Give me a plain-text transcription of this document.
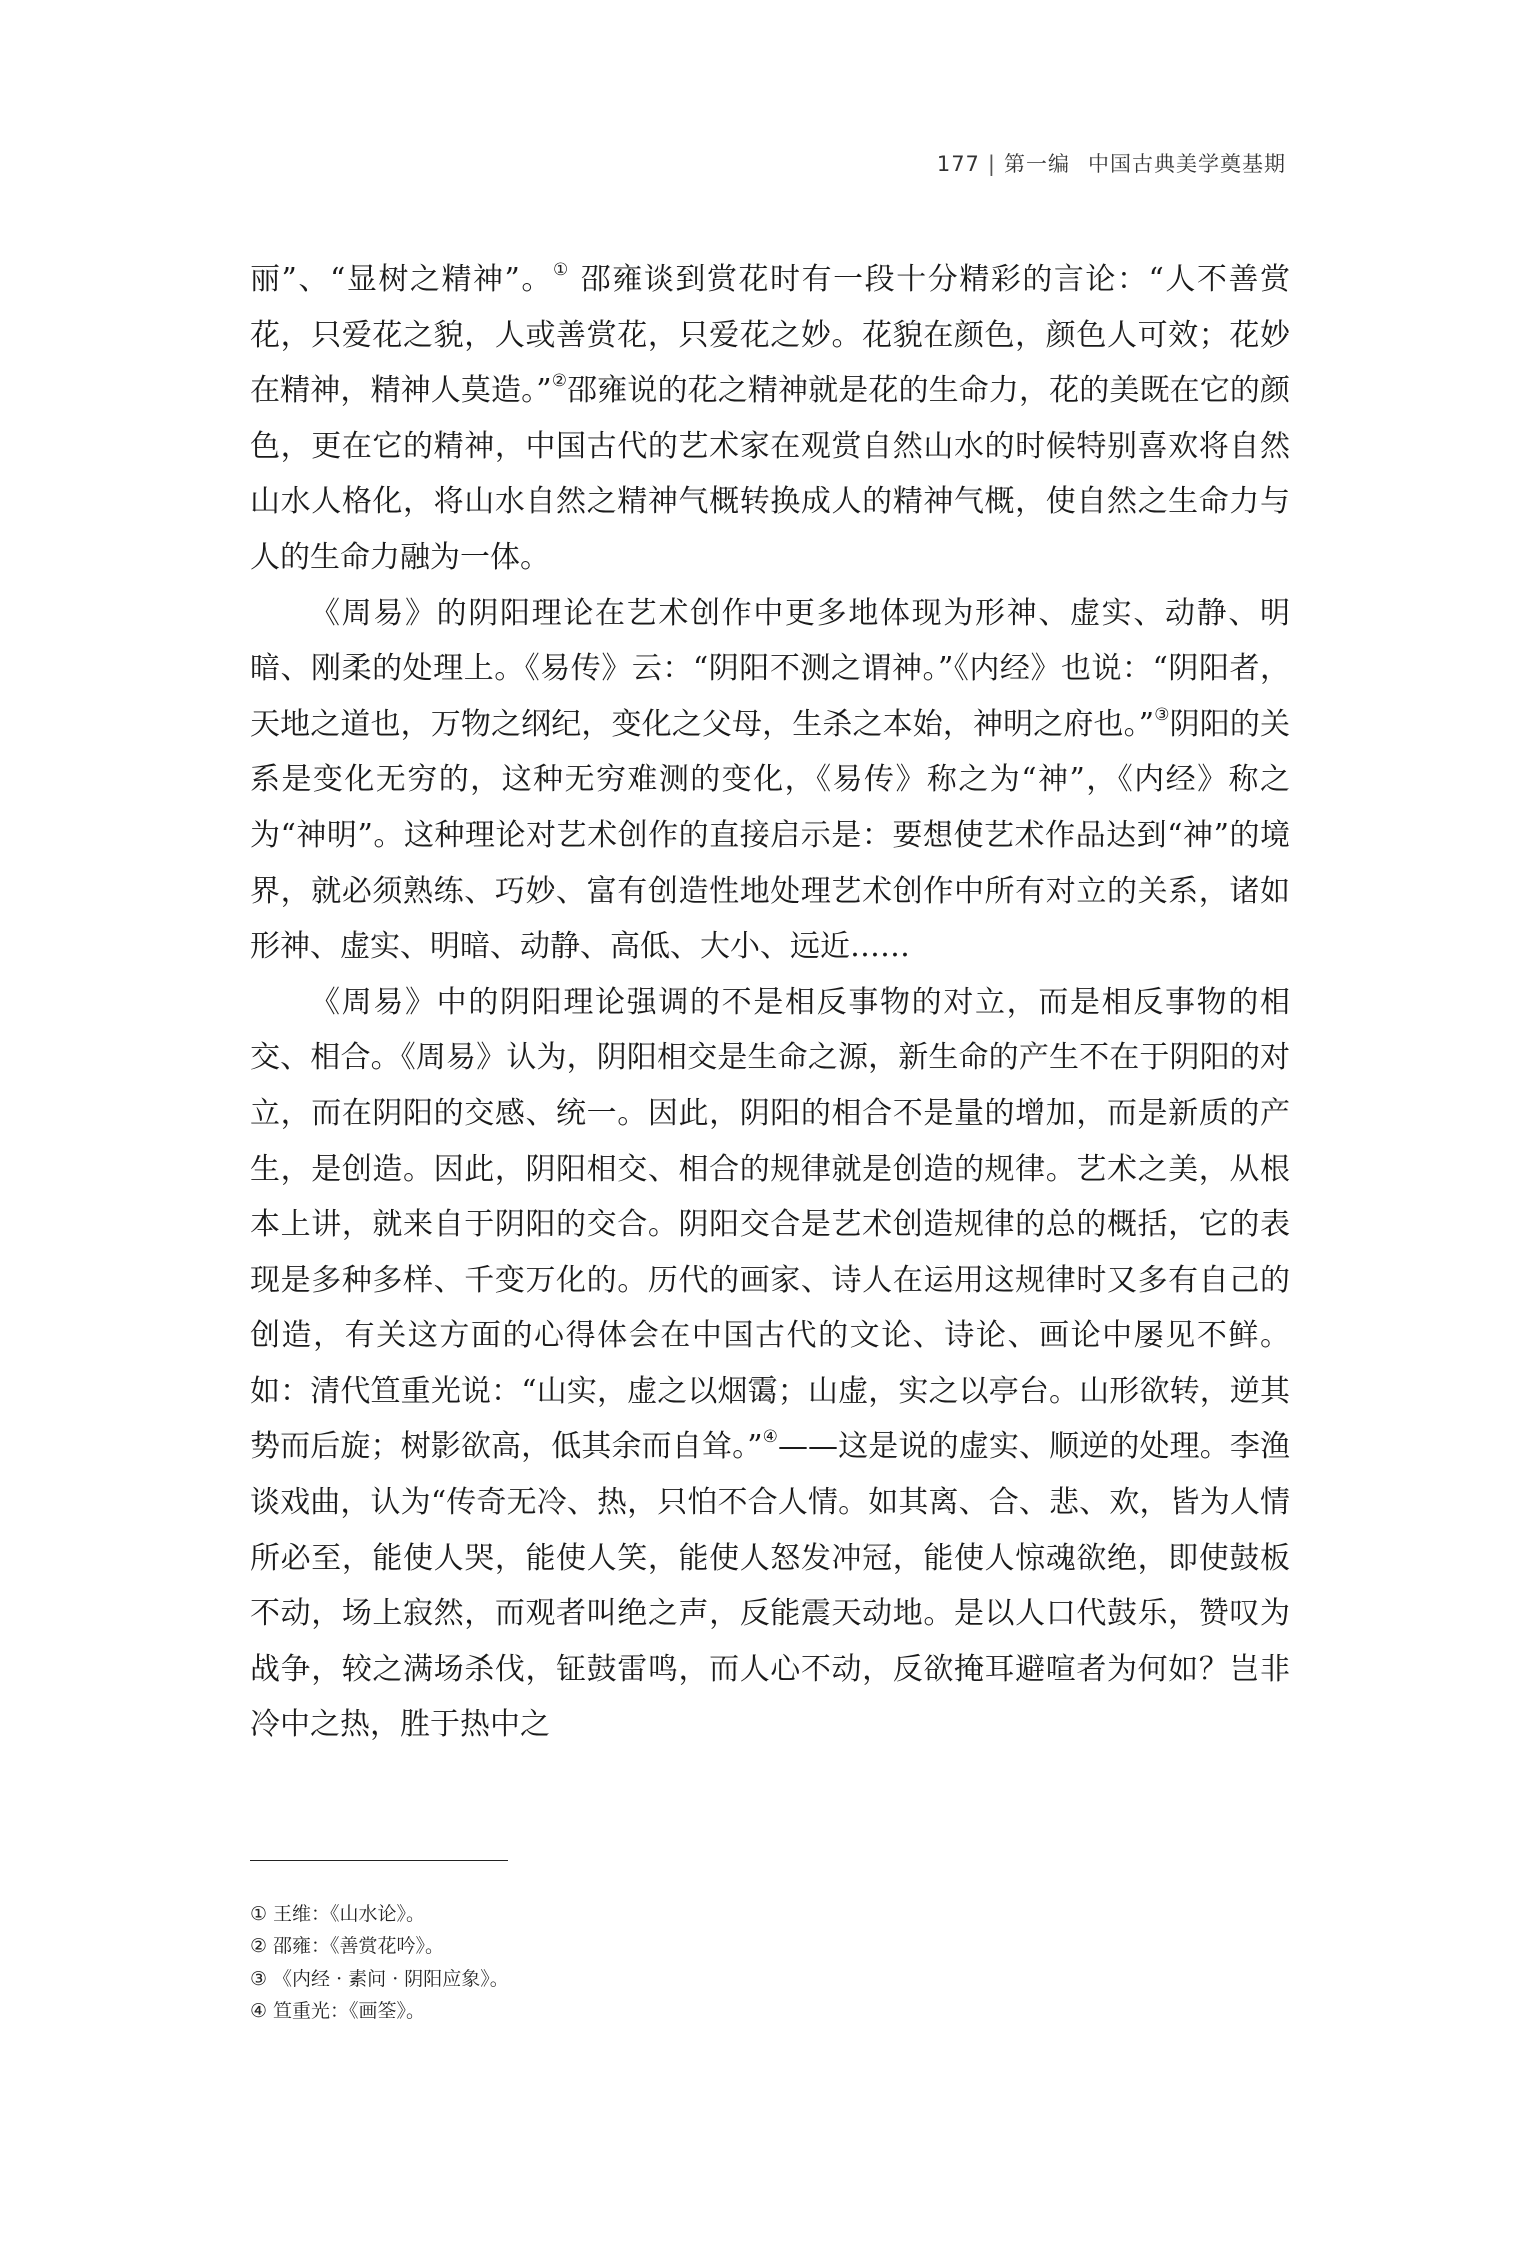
177 | 第一编 中国古典美学奠基期

丽”、“显树之精神”。① 邵雍谈到赏花时有一段十分精彩的言论：“人不善赏花，只爱花之貌，人或善赏花，只爱花之妙。花貌在颜色，颜色人可效；花妙在精神，精神人莫造。”②邵雍说的花之精神就是花的生命力，花的美既在它的颜色，更在它的精神，中国古代的艺术家在观赏自然山水的时候特别喜欢将自然山水人格化，将山水自然之精神气概转换成人的精神气概，使自然之生命力与人的生命力融为一体。

《周易》的阴阳理论在艺术创作中更多地体现为形神、虚实、动静、明暗、刚柔的处理上。《易传》云：“阴阳不测之谓神。”《内经》也说：“阴阳者，天地之道也，万物之纲纪，变化之父母，生杀之本始，神明之府也。”③阴阳的关系是变化无穷的，这种无穷难测的变化，《易传》称之为“神”，《内经》称之为“神明”。这种理论对艺术创作的直接启示是：要想使艺术作品达到“神”的境界，就必须熟练、巧妙、富有创造性地处理艺术创作中所有对立的关系，诸如形神、虚实、明暗、动静、高低、大小、远近……

《周易》中的阴阳理论强调的不是相反事物的对立，而是相反事物的相交、相合。《周易》认为，阴阳相交是生命之源，新生命的产生不在于阴阳的对立，而在阴阳的交感、统一。因此，阴阳的相合不是量的增加，而是新质的产生，是创造。因此，阴阳相交、相合的规律就是创造的规律。艺术之美，从根本上讲，就来自于阴阳的交合。阴阳交合是艺术创造规律的总的概括，它的表现是多种多样、千变万化的。历代的画家、诗人在运用这规律时又多有自己的创造，有关这方面的心得体会在中国古代的文论、诗论、画论中屡见不鲜。如：清代笪重光说：“山实，虚之以烟霭；山虚，实之以亭台。山形欲转，逆其势而后旋；树影欲高，低其余而自耸。”④——这是说的虚实、顺逆的处理。李渔谈戏曲，认为“传奇无冷、热，只怕不合人情。如其离、合、悲、欢，皆为人情所必至，能使人哭，能使人笑，能使人怒发冲冠，能使人惊魂欲绝，即使鼓板不动，场上寂然，而观者叫绝之声，反能震天动地。是以人口代鼓乐，赞叹为战争，较之满场杀伐，钲鼓雷鸣，而人心不动，反欲掩耳避喧者为何如？岂非冷中之热，胜于热中之

① 王维：《山水论》。
② 邵雍：《善赏花吟》。
③ 《内经 · 素问 · 阴阳应象》。
④ 笪重光：《画筌》。
